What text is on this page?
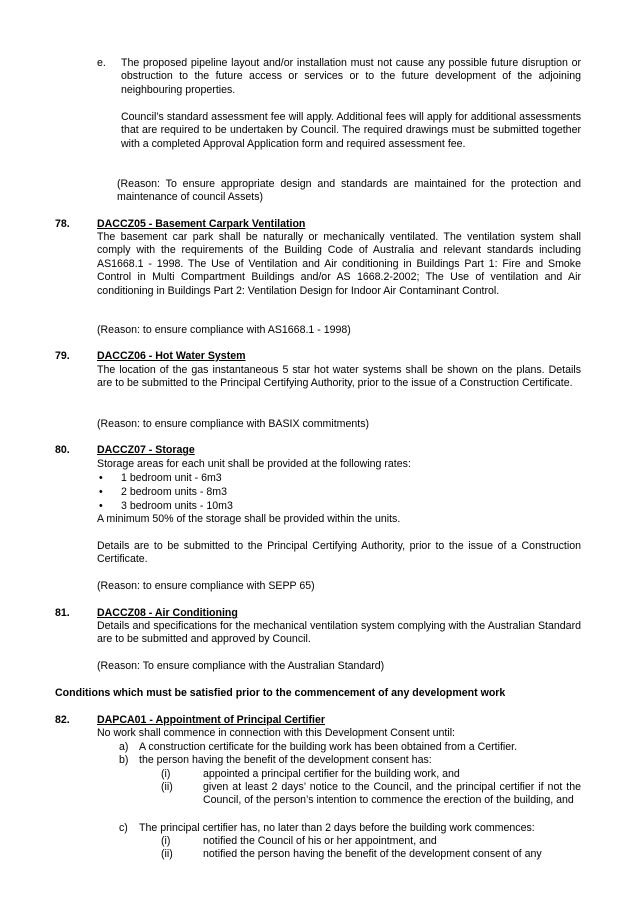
e. The proposed pipeline layout and/or installation must not cause any possible future disruption or obstruction to the future access or services or to the future development of the adjoining neighbouring properties.
Council’s standard assessment fee will apply. Additional fees will apply for additional assessments that are required to be undertaken by Council. The required drawings must be submitted together with a completed Approval Application form and required assessment fee.
(Reason: To ensure appropriate design and standards are maintained for the protection and maintenance of council Assets)
78.	DACCZ05 - Basement Carpark Ventilation
The basement car park shall be naturally or mechanically ventilated. The ventilation system shall comply with the requirements of the Building Code of Australia and relevant standards including AS1668.1 - 1998. The Use of Ventilation and Air conditioning in Buildings Part 1: Fire and Smoke Control in Multi Compartment Buildings and/or AS 1668.2-2002; The Use of ventilation and Air conditioning in Buildings Part 2: Ventilation Design for Indoor Air Contaminant Control.
(Reason: to ensure compliance with AS1668.1 - 1998)
79.	DACCZ06 - Hot Water System
The location of the gas instantaneous 5 star hot water systems shall be shown on the plans. Details are to be submitted to the Principal Certifying Authority, prior to the issue of a Construction Certificate.
(Reason: to ensure compliance with BASIX commitments)
80.	DACCZ07 - Storage
Storage areas for each unit shall be provided at the following rates:
• 1 bedroom unit - 6m3
• 2 bedroom units - 8m3
• 3 bedroom units - 10m3
A minimum 50% of the storage shall be provided within the units.
Details are to be submitted to the Principal Certifying Authority, prior to the issue of a Construction Certificate.
(Reason: to ensure compliance with SEPP 65)
81.	DACCZ08 - Air Conditioning
Details and specifications for the mechanical ventilation system complying with the Australian Standard are to be submitted and approved by Council.
(Reason: To ensure compliance with the Australian Standard)
Conditions which must be satisfied prior to the commencement of any development work
82.	DAPCA01 - Appointment of Principal Certifier
No work shall commence in connection with this Development Consent until:
a) A construction certificate for the building work has been obtained from a Certifier.
b) the person having the benefit of the development consent has:
(i)	appointed a principal certifier for the building work, and
(ii)	given at least 2 days’ notice to the Council, and the principal certifier if not the Council, of the person’s intention to commence the erection of the building, and
c) The principal certifier has, no later than 2 days before the building work commences:
(i)	notified the Council of his or her appointment, and
(ii)	notified the person having the benefit of the development consent of any
